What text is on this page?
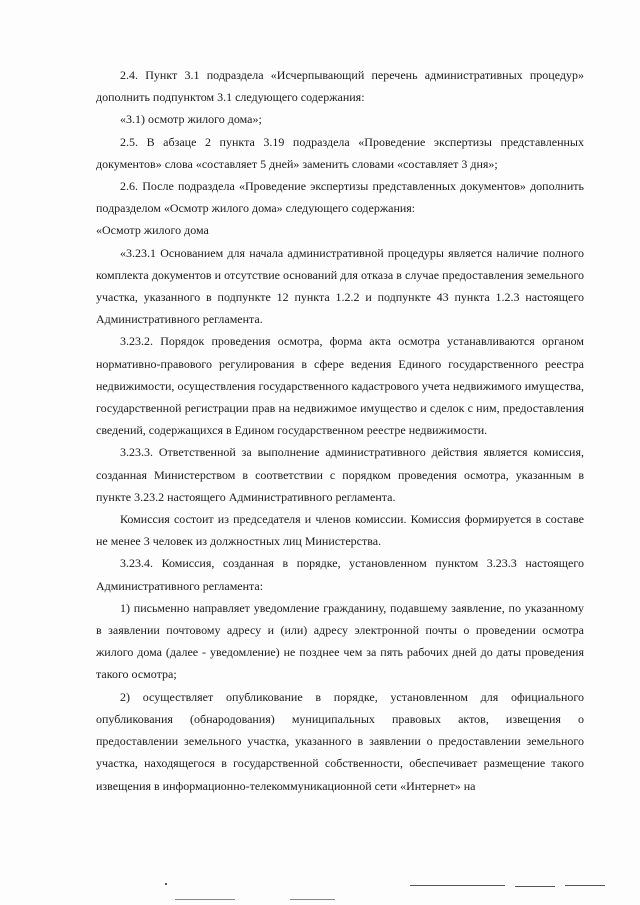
2.4. Пункт 3.1 подраздела «Исчерпывающий перечень административных процедур» дополнить подпунктом 3.1 следующего содержания:

«3.1) осмотр жилого дома»;

2.5. В абзаце 2 пункта 3.19 подраздела «Проведение экспертизы представленных документов» слова «составляет 5 дней» заменить словами «составляет 3 дня»;

2.6. После подраздела «Проведение экспертизы представленных документов» дополнить подразделом «Осмотр жилого дома» следующего содержания:

«Осмотр жилого дома

«3.23.1 Основанием для начала административной процедуры является наличие полного комплекта документов и отсутствие оснований для отказа в случае предоставления земельного участка, указанного в подпункте 12 пункта 1.2.2 и подпункте 43 пункта 1.2.3 настоящего Административного регламента.

3.23.2. Порядок проведения осмотра, форма акта осмотра устанавливаются органом нормативно-правового регулирования в сфере ведения Единого государственного реестра недвижимости, осуществления государственного кадастрового учета недвижимого имущества, государственной регистрации прав на недвижимое имущество и сделок с ним, предоставления сведений, содержащихся в Едином государственном реестре недвижимости.

3.23.3. Ответственной за выполнение административного действия является комиссия, созданная Министерством в соответствии с порядком проведения осмотра, указанным в пункте 3.23.2 настоящего Административного регламента.

Комиссия состоит из председателя и членов комиссии. Комиссия формируется в составе не менее 3 человек из должностных лиц Министерства.

3.23.4. Комиссия, созданная в порядке, установленном пунктом 3.23.3 настоящего Административного регламента:

1) письменно направляет уведомление гражданину, подавшему заявление, по указанному в заявлении почтовому адресу и (или) адресу электронной почты о проведении осмотра жилого дома (далее - уведомление) не позднее чем за пять рабочих дней до даты проведения такого осмотра;

2) осуществляет опубликование в порядке, установленном для официального опубликования (обнародования) муниципальных правовых актов, извещения о предоставлении земельного участка, указанного в заявлении о предоставлении земельного участка, находящегося в государственной собственности, обеспечивает размещение такого извещения в информационно-телекоммуникационной сети «Интернет» на
